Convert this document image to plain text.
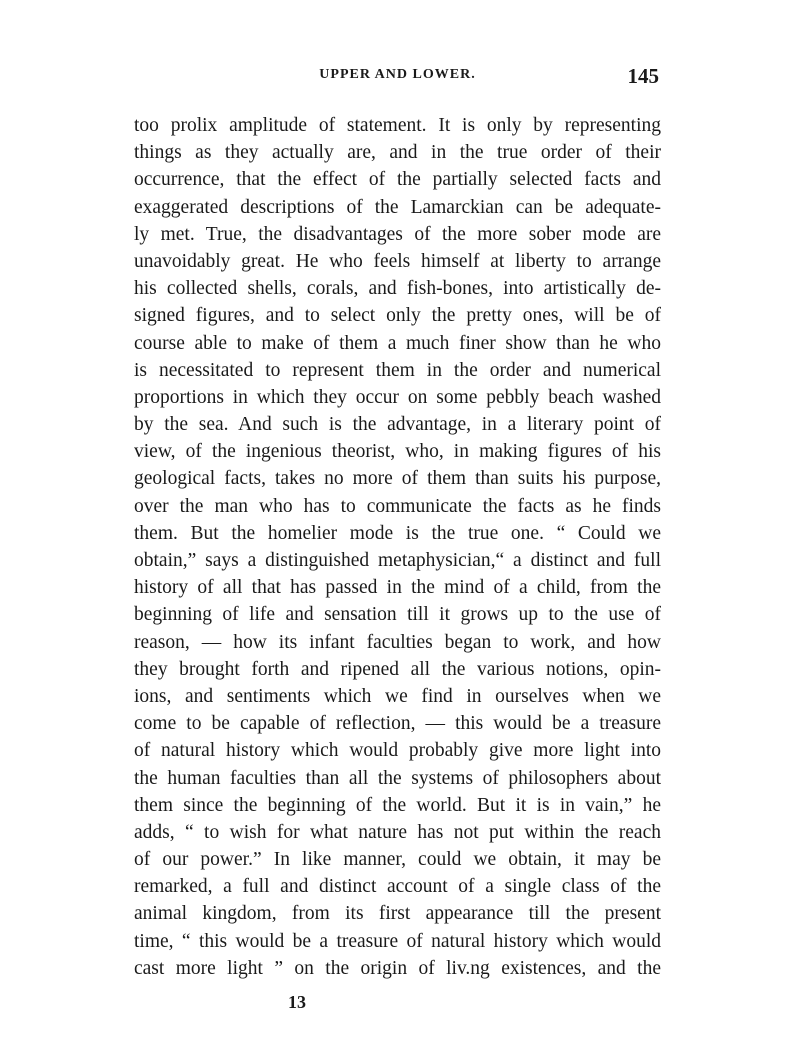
UPPER AND LOWER.	145
too prolix amplitude of statement. It is only by representing
things as they actually are, and in the true order of their
occurrence, that the effect of the partially selected facts and
exaggerated descriptions of the Lamarckian can be adequate-
ly met. True, the disadvantages of the more sober mode are
unavoidably great. He who feels himself at liberty to arrange
his collected shells, corals, and fish-bones, into artistically de-
signed figures, and to select only the pretty ones, will be of
course able to make of them a much finer show than he who
is necessitated to represent them in the order and numerical
proportions in which they occur on some pebbly beach washed
by the sea. And such is the advantage, in a literary point of
view, of the ingenious theorist, who, in making figures of his
geological facts, takes no more of them than suits his purpose,
over the man who has to communicate the facts as he finds
them. But the homelier mode is the true one. “ Could we
obtain,” says a distinguished metaphysician,“ a distinct and full
history of all that has passed in the mind of a child, from the
beginning of life and sensation till it grows up to the use of
reason, — how its infant faculties began to work, and how
they brought forth and ripened all the various notions, opin-
ions, and sentiments which we find in ourselves when we
come to be capable of reflection, — this would be a treasure
of natural history which would probably give more light into
the human faculties than all the systems of philosophers about
them since the beginning of the world. But it is in vain,” he
adds, “ to wish for what nature has not put within the reach
of our power.” In like manner, could we obtain, it may be
remarked, a full and distinct account of a single class of the
animal kingdom, from its first appearance till the present
time, “ this would be a treasure of natural history which would
cast more light ” on the origin of liv.ng existences, and the
13
